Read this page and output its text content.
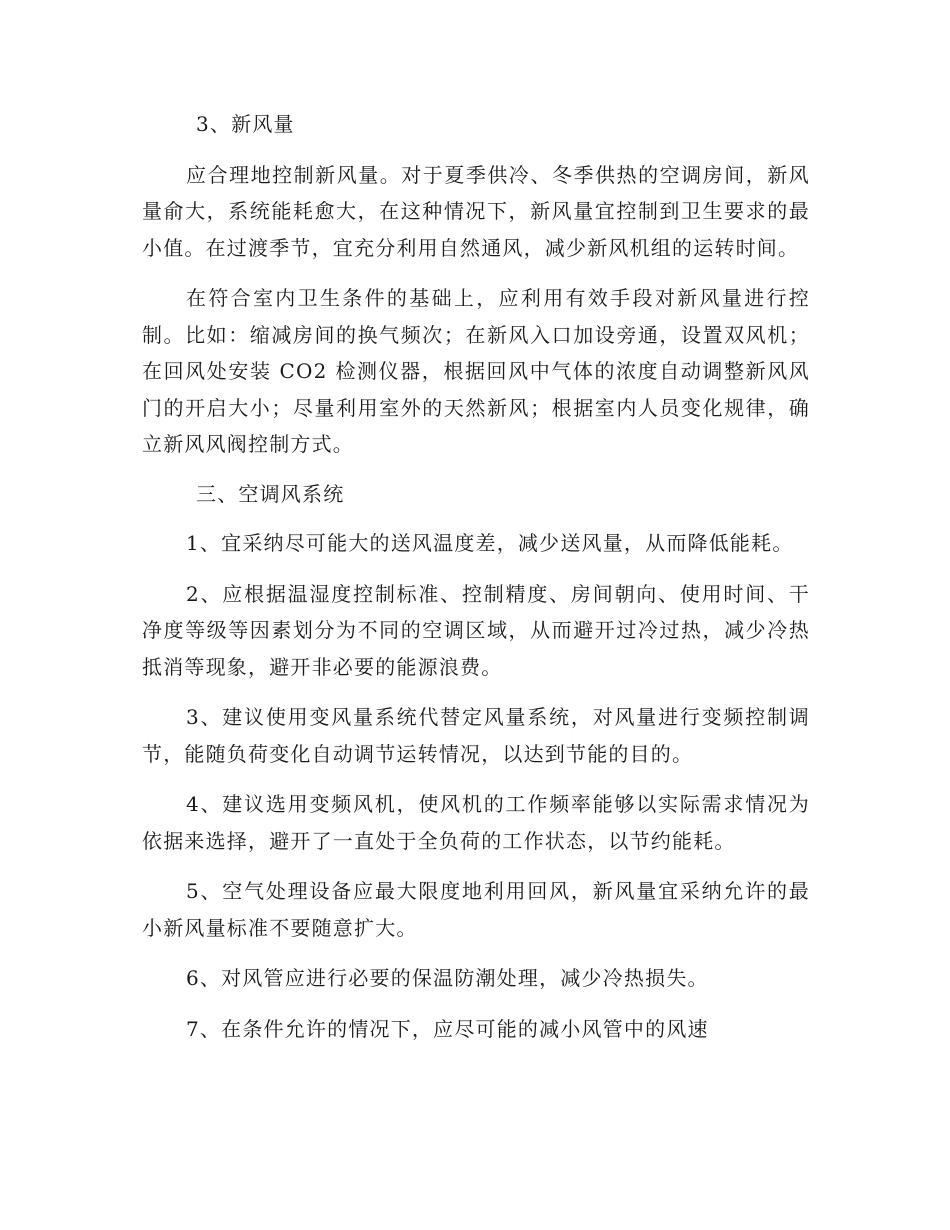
3、新风量

应合理地控制新风量。对于夏季供冷、冬季供热的空调房间，新风量俞大，系统能耗愈大，在这种情况下，新风量宜控制到卫生要求的最小值。在过渡季节，宜充分利用自然通风，减少新风机组的运转时间。

在符合室内卫生条件的基础上，应利用有效手段对新风量进行控制。比如：缩减房间的换气频次；在新风入口加设旁通，设置双风机；在回风处安装 CO2 检测仪器，根据回风中气体的浓度自动调整新风风门的开启大小；尽量利用室外的天然新风；根据室内人员变化规律，确立新风风阀控制方式。

三、空调风系统

1、宜采纳尽可能大的送风温度差，减少送风量，从而降低能耗。

2、应根据温湿度控制标准、控制精度、房间朝向、使用时间、干净度等级等因素划分为不同的空调区域，从而避开过冷过热，减少冷热抵消等现象，避开非必要的能源浪费。

3、建议使用变风量系统代替定风量系统，对风量进行变频控制调节，能随负荷变化自动调节运转情况，以达到节能的目的。

4、建议选用变频风机，使风机的工作频率能够以实际需求情况为依据来选择，避开了一直处于全负荷的工作状态，以节约能耗。

5、空气处理设备应最大限度地利用回风，新风量宜采纳允许的最小新风量标准不要随意扩大。

6、对风管应进行必要的保温防潮处理，减少冷热损失。

7、在条件允许的情况下，应尽可能的减小风管中的风速
